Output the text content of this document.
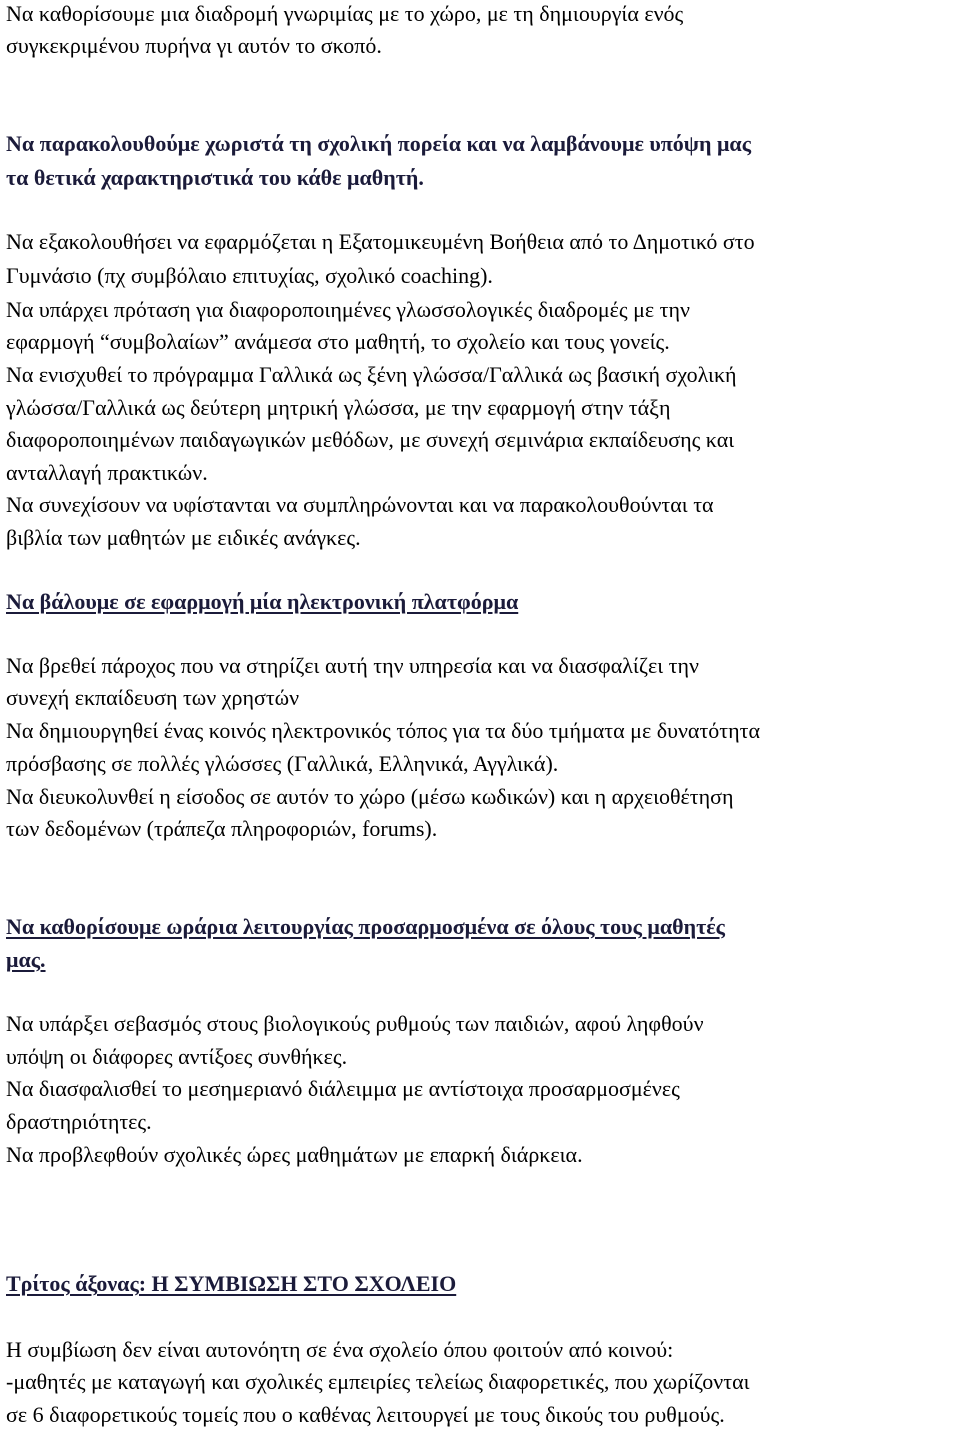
Να καθορίσουμε μια διαδρομή γνωριμίας με το χώρο, με τη δημιουργία ενός
συγκεκριμένου πυρήνα γι αυτόν το σκοπό.
Να παρακολουθούμε χωριστά τη σχολική πορεία και να λαμβάνουμε υπόψη μας
τα θετικά χαρακτηριστικά του κάθε μαθητή.
Να εξακολουθήσει να εφαρμόζεται η Εξατομικευμένη Βοήθεια από το Δημοτικό στο
Γυμνάσιο (πχ συμβόλαιο επιτυχίας, σχολικό coaching).
Να υπάρχει πρόταση για διαφοροποιημένες γλωσσολογικές διαδρομές με την
εφαρμογή “συμβολαίων” ανάμεσα στο μαθητή, το σχολείο και τους γονείς.
Να ενισχυθεί το πρόγραμμα Γαλλικά ως ξένη γλώσσα/Γαλλικά ως βασική σχολική
γλώσσα/Γαλλικά ως δεύτερη μητρική γλώσσα, με την εφαρμογή στην τάξη
διαφοροποιημένων παιδαγωγικών μεθόδων, με συνεχή σεμινάρια εκπαίδευσης και
ανταλλαγή πρακτικών.
Να συνεχίσουν να υφίστανται να συμπληρώνονται και να παρακολουθούνται τα
βιβλία των μαθητών με ειδικές ανάγκες.
Να βάλουμε σε εφαρμογή μία ηλεκτρονική πλατφόρμα
Να βρεθεί πάροχος που να στηρίζει αυτή την υπηρεσία και να διασφαλίζει την
συνεχή εκπαίδευση των χρηστών
Να δημιουργηθεί ένας κοινός ηλεκτρονικός τόπος για τα δύο τμήματα με δυνατότητα
πρόσβασης σε πολλές γλώσσες (Γαλλικά, Ελληνικά, Αγγλικά).
Να διευκολυνθεί η είσοδος σε αυτόν το χώρο (μέσω κωδικών) και η αρχειοθέτηση
των δεδομένων (τράπεζα πληροφοριών, forums).
Να καθορίσουμε ωράρια λειτουργίας προσαρμοσμένα σε όλους τους μαθητές
μας.
Να υπάρξει σεβασμός στους βιολογικούς ρυθμούς των παιδιών, αφού ληφθούν
υπόψη οι διάφορες αντίξοες συνθήκες.
Να διασφαλισθεί το μεσημεριανό διάλειμμα με αντίστοιχα προσαρμοσμένες
δραστηριότητες.
Να προβλεφθούν σχολικές ώρες μαθημάτων με επαρκή διάρκεια.
Τρίτος άξονας: Η ΣΥΜΒΙΩΣΗ ΣΤΟ ΣΧΟΛΕΙΟ
Η συμβίωση δεν είναι αυτονόητη σε ένα σχολείο όπου φοιτούν από κοινού:
-μαθητές με καταγωγή και σχολικές εμπειρίες τελείως διαφορετικές, που χωρίζονται
σε 6 διαφορετικούς τομείς που ο καθένας λειτουργεί με τους δικούς του ρυθμούς.
